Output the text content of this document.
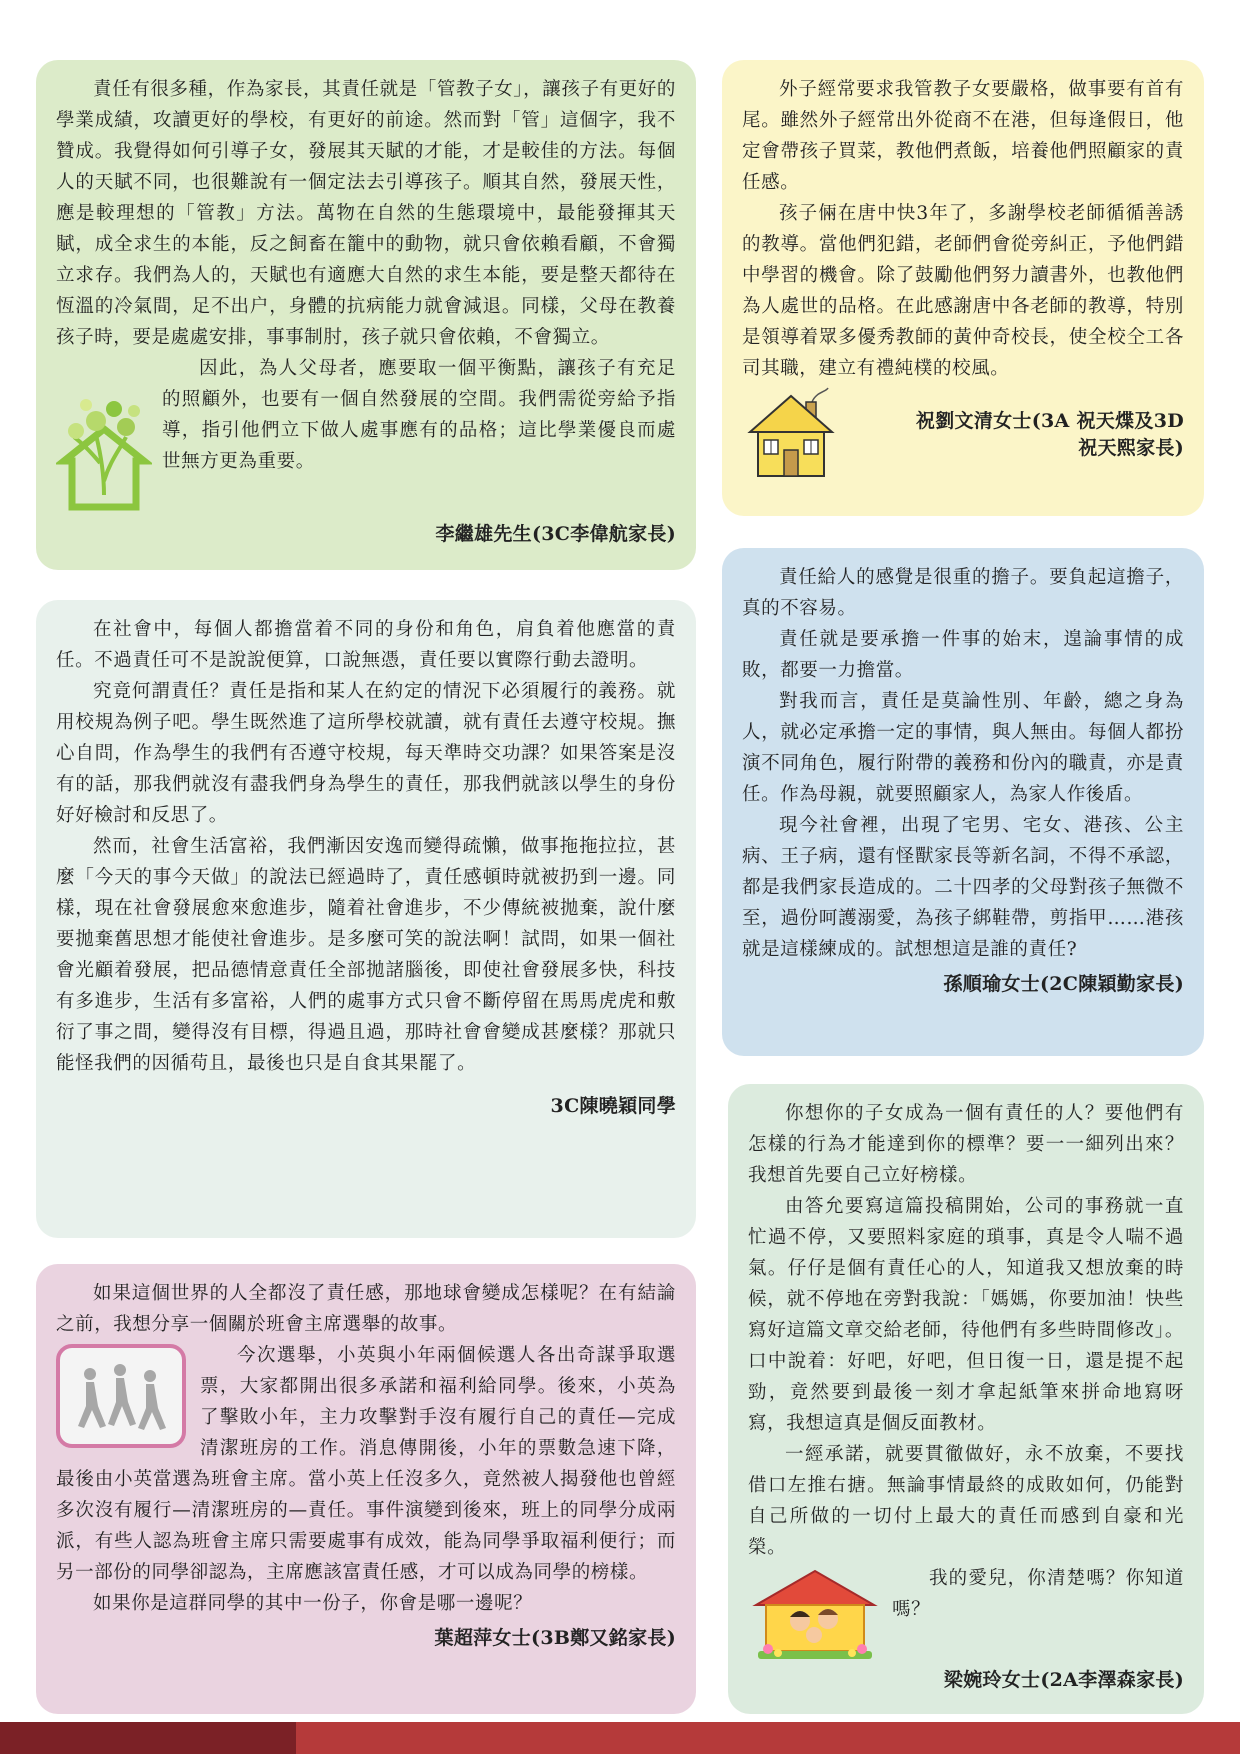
責任有很多種，作為家長，其責任就是「管教子女」，讓孩子有更好的學業成績，攻讀更好的學校，有更好的前途。然而對「管」這個字，我不贊成。我覺得如何引導子女，發展其天賦的才能，才是較佳的方法。每個人的天賦不同，也很難說有一個定法去引導孩子。順其自然，發展天性，應是較理想的「管教」方法。萬物在自然的生態環境中，最能發揮其天賦，成全求生的本能，反之飼畜在籠中的動物，就只會依賴看顧，不會獨立求存。我們為人的，天賦也有適應大自然的求生本能，要是整天都待在恆溫的冷氣間，足不出户，身體的抗病能力就會減退。同樣，父母在教養孩子時，要是處處安排，事事制肘，孩子就只會依賴，不會獨立。

因此，為人父母者，應要取一個平衡點，讓孩子有充足的照顧外，也要有一個自然發展的空間。我們需從旁給予指導，指引他們立下做人處事應有的品格；這比學業優良而處世無方更為重要。

李繼雄先生(3C李偉航家長)

外子經常要求我管教子女要嚴格，做事要有首有尾。雖然外子經常出外從商不在港，但每逢假日，他定會帶孩子買菜，教他們煮飯，培養他們照顧家的責任感。

孩子倆在唐中快3年了，多謝學校老師循循善誘的教導。當他們犯錯，老師們會從旁糾正，予他們錯中學習的機會。除了鼓勵他們努力讀書外，也教他們為人處世的品格。在此感謝唐中各老師的教導，特別是領導着眾多優秀教師的黃仲奇校長，使全校仝工各司其職，建立有禮純樸的校風。

祝劉文清女士(3A 祝天煠及3D
祝天熙家長)

在社會中，每個人都擔當着不同的身份和角色，肩負着他應當的責任。不過責任可不是說說便算，口說無憑，責任要以實際行動去證明。

究竟何謂責任？責任是指和某人在約定的情況下必須履行的義務。就用校規為例子吧。學生既然進了這所學校就讀，就有責任去遵守校規。撫心自問，作為學生的我們有否遵守校規，每天準時交功課？如果答案是沒有的話，那我們就沒有盡我們身為學生的責任，那我們就該以學生的身份好好檢討和反思了。

然而，社會生活富裕，我們漸因安逸而變得疏懶，做事拖拖拉拉，甚麼「今天的事今天做」的說法已經過時了，責任感頓時就被扔到一邊。同樣，現在社會發展愈來愈進步，隨着社會進步，不少傳統被拋棄，說什麼要拋棄舊思想才能使社會進步。是多麼可笑的說法啊！試問，如果一個社會光顧着發展，把品德情意責任全部拋諸腦後，即使社會發展多快，科技有多進步，生活有多富裕，人們的處事方式只會不斷停留在馬馬虎虎和敷衍了事之間，變得沒有目標，得過且過，那時社會會變成甚麼樣？那就只能怪我們的因循苟且，最後也只是自食其果罷了。

3C陳曉穎同學

責任給人的感覺是很重的擔子。要負起這擔子，真的不容易。

責任就是要承擔一件事的始末，遑論事情的成敗，都要一力擔當。

對我而言，責任是莫論性別、年齡，總之身為人，就必定承擔一定的事情，與人無由。每個人都扮演不同角色，履行附帶的義務和份內的職責，亦是責任。作為母親，就要照顧家人，為家人作後盾。

現今社會裡，出現了宅男、宅女、港孩、公主病、王子病，還有怪獸家長等新名詞，不得不承認，都是我們家長造成的。二十四孝的父母對孩子無微不至，過份呵護溺愛，為孩子綁鞋帶，剪指甲……港孩就是這樣練成的。試想想這是誰的責任?

孫順瑜女士(2C陳穎勤家長)

如果這個世界的人全都沒了責任感，那地球會變成怎樣呢？在有結論之前，我想分享一個關於班會主席選舉的故事。

今次選舉，小英與小年兩個候選人各出奇謀爭取選票，大家都開出很多承諾和福利給同學。後來，小英為了擊敗小年，主力攻擊對手沒有履行自己的責任—完成清潔班房的工作。消息傳開後，小年的票數急速下降，最後由小英當選為班會主席。當小英上任沒多久，竟然被人揭發他也曾經多次沒有履行—清潔班房的—責任。事件演變到後來，班上的同學分成兩派，有些人認為班會主席只需要處事有成效，能為同學爭取福利便行；而另一部份的同學卻認為，主席應該富責任感，才可以成為同學的榜樣。

如果你是這群同學的其中一份子，你會是哪一邊呢？

葉超萍女士(3B鄭又銘家長)

你想你的子女成為一個有責任的人？要他們有怎樣的行為才能達到你的標準？要一一細列出來？我想首先要自己立好榜樣。

由答允要寫這篇投稿開始，公司的事務就一直忙過不停，又要照料家庭的瑣事，真是令人喘不過氣。仔仔是個有責任心的人，知道我又想放棄的時候，就不停地在旁對我說：「媽媽，你要加油！快些寫好這篇文章交給老師，待他們有多些時間修改」。口中說着：好吧，好吧，但日復一日，還是提不起勁，竟然要到最後一刻才拿起紙筆來拼命地寫呀寫，我想這真是個反面教材。

一經承諾，就要貫徹做好，永不放棄，不要找借口左推右搪。無論事情最終的成敗如何，仍能對自己所做的一切付上最大的責任而感到自豪和光榮。

我的愛兒，你清楚嗎？你知道嗎？

梁婉玲女士(2A李澤森家長)
